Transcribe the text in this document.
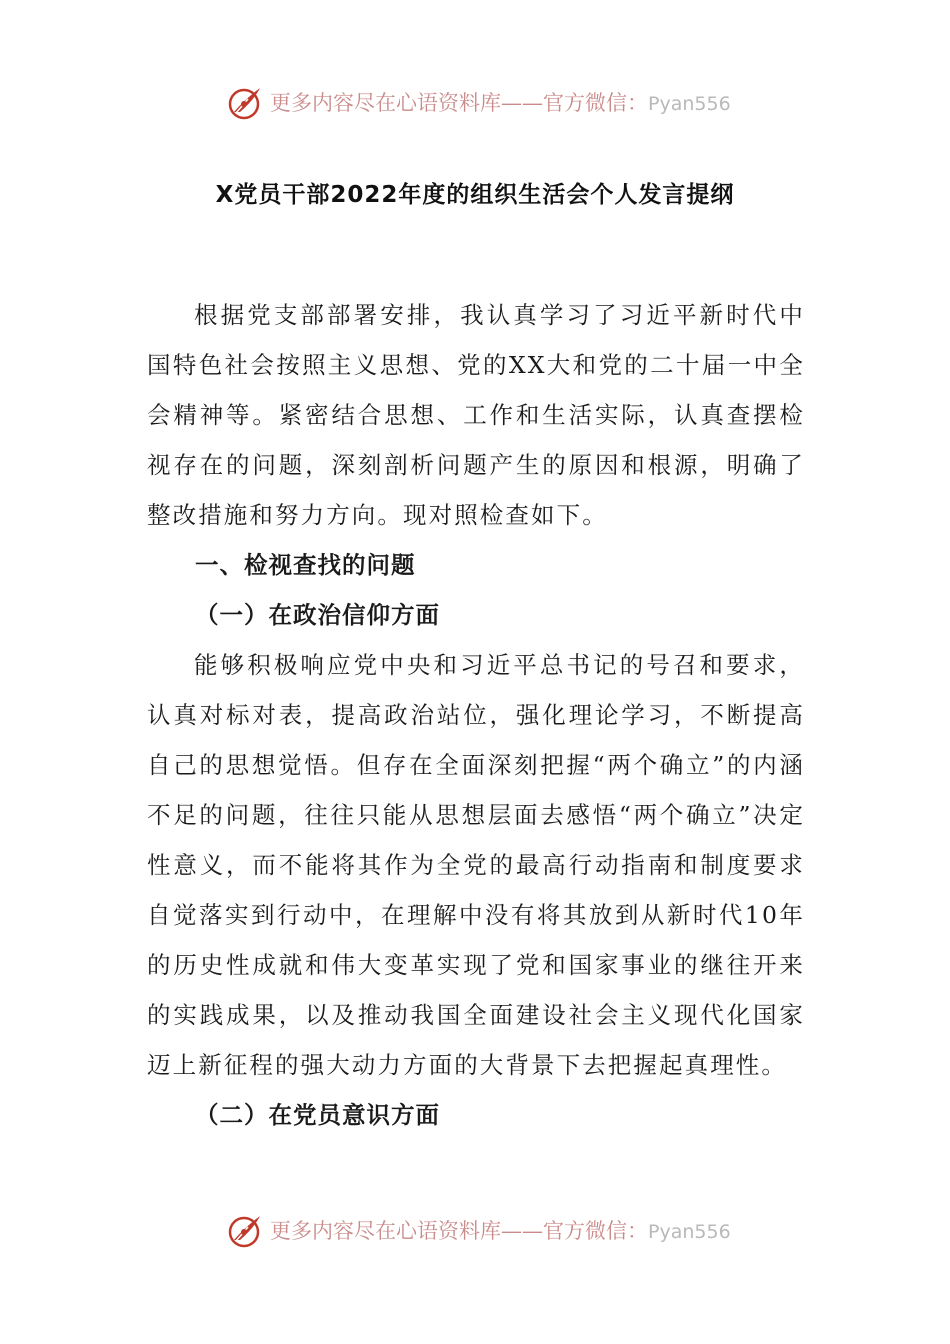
更多内容尽在心语资料库——官方微信：Pyan556
X党员干部2022年度的组织生活会个人发言提纲

根据党支部部署安排，我认真学习了习近平新时代中国特色社会按照主义思想、党的XX大和党的二十届一中全会精神等。紧密结合思想、工作和生活实际，认真查摆检视存在的问题，深刻剖析问题产生的原因和根源，明确了整改措施和努力方向。现对照检查如下。

一、检视查找的问题

（一）在政治信仰方面

能够积极响应党中央和习近平总书记的号召和要求，认真对标对表，提高政治站位，强化理论学习，不断提高自己的思想觉悟。但存在全面深刻把握“两个确立”的内涵不足的问题，往往只能从思想层面去感悟“两个确立”决定性意义，而不能将其作为全党的最高行动指南和制度要求自觉落实到行动中，在理解中没有将其放到从新时代10年的历史性成就和伟大变革实现了党和国家事业的继往开来的实践成果，以及推动我国全面建设社会主义现代化国家迈上新征程的强大动力方面的大背景下去把握起真理性。

（二）在党员意识方面

更多内容尽在心语资料库——官方微信：Pyan556
